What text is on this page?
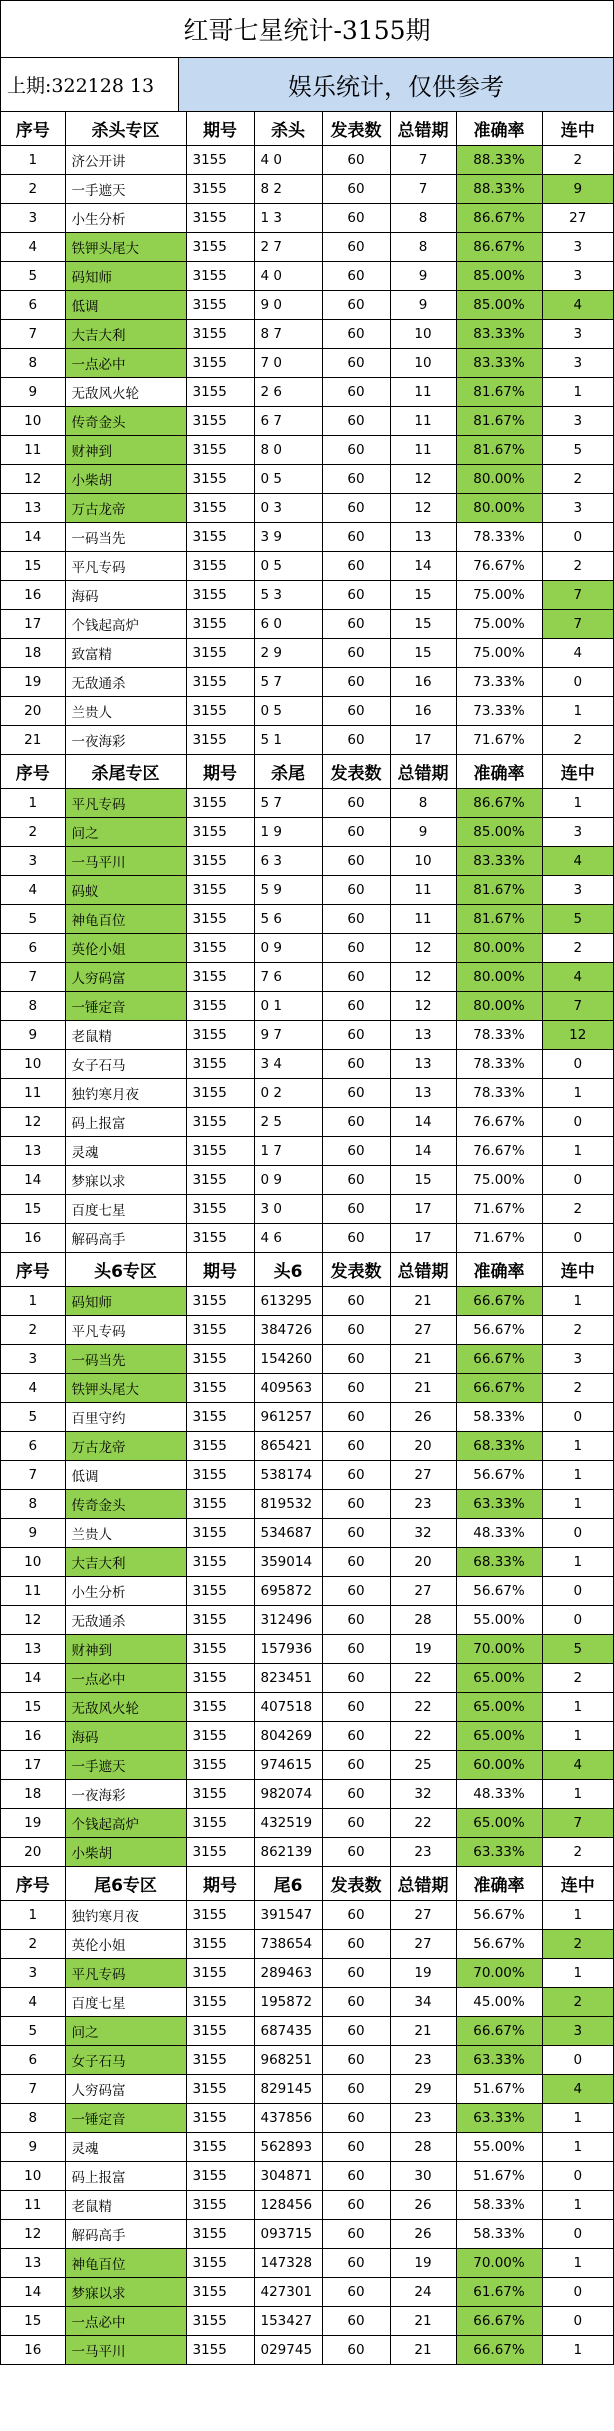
红哥七星统计-3155期
上期:322128 13	娱乐统计，仅供参考
序号	杀头专区	期号	杀头	发表数	总错期	准确率	连中
1	济公开讲	3155	4 0	60	7	88.33%	2
2	一手遮天	3155	8 2	60	7	88.33%	9
3	小生分析	3155	1 3	60	8	86.67%	27
4	铁钾头尾大	3155	2 7	60	8	86.67%	3
5	码知师	3155	4 0	60	9	85.00%	3
6	低调	3155	9 0	60	9	85.00%	4
7	大吉大利	3155	8 7	60	10	83.33%	3
8	一点必中	3155	7 0	60	10	83.33%	3
9	无敌风火轮	3155	2 6	60	11	81.67%	1
10	传奇金头	3155	6 7	60	11	81.67%	3
11	财神到	3155	8 0	60	11	81.67%	5
12	小柴胡	3155	0 5	60	12	80.00%	2
13	万古龙帝	3155	0 3	60	12	80.00%	3
14	一码当先	3155	3 9	60	13	78.33%	0
15	平凡专码	3155	0 5	60	14	76.67%	2
16	海码	3155	5 3	60	15	75.00%	7
17	个钱起高炉	3155	6 0	60	15	75.00%	7
18	致富精	3155	2 9	60	15	75.00%	4
19	无敌通杀	3155	5 7	60	16	73.33%	0
20	兰贵人	3155	0 5	60	16	73.33%	1
21	一夜海彩	3155	5 1	60	17	71.67%	2
序号	杀尾专区	期号	杀尾	发表数	总错期	准确率	连中
1	平凡专码	3155	5 7	60	8	86.67%	1
2	问之	3155	1 9	60	9	85.00%	3
3	一马平川	3155	6 3	60	10	83.33%	4
4	码蚁	3155	5 9	60	11	81.67%	3
5	神龟百位	3155	5 6	60	11	81.67%	5
6	英伦小姐	3155	0 9	60	12	80.00%	2
7	人穷码富	3155	7 6	60	12	80.00%	4
8	一锤定音	3155	0 1	60	12	80.00%	7
9	老鼠精	3155	9 7	60	13	78.33%	12
10	女子石马	3155	3 4	60	13	78.33%	0
11	独钓寒月夜	3155	0 2	60	13	78.33%	1
12	码上报富	3155	2 5	60	14	76.67%	0
13	灵魂	3155	1 7	60	14	76.67%	1
14	梦寐以求	3155	0 9	60	15	75.00%	0
15	百度七星	3155	3 0	60	17	71.67%	2
16	解码高手	3155	4 6	60	17	71.67%	0
序号	头6专区	期号	头6	发表数	总错期	准确率	连中
1	码知师	3155	613295	60	21	66.67%	1
2	平凡专码	3155	384726	60	27	56.67%	2
3	一码当先	3155	154260	60	21	66.67%	3
4	铁钾头尾大	3155	409563	60	21	66.67%	2
5	百里守约	3155	961257	60	26	58.33%	0
6	万古龙帝	3155	865421	60	20	68.33%	1
7	低调	3155	538174	60	27	56.67%	1
8	传奇金头	3155	819532	60	23	63.33%	1
9	兰贵人	3155	534687	60	32	48.33%	0
10	大吉大利	3155	359014	60	20	68.33%	1
11	小生分析	3155	695872	60	27	56.67%	0
12	无敌通杀	3155	312496	60	28	55.00%	0
13	财神到	3155	157936	60	19	70.00%	5
14	一点必中	3155	823451	60	22	65.00%	2
15	无敌风火轮	3155	407518	60	22	65.00%	1
16	海码	3155	804269	60	22	65.00%	1
17	一手遮天	3155	974615	60	25	60.00%	4
18	一夜海彩	3155	982074	60	32	48.33%	1
19	个钱起高炉	3155	432519	60	22	65.00%	7
20	小柴胡	3155	862139	60	23	63.33%	2
序号	尾6专区	期号	尾6	发表数	总错期	准确率	连中
1	独钓寒月夜	3155	391547	60	27	56.67%	1
2	英伦小姐	3155	738654	60	27	56.67%	2
3	平凡专码	3155	289463	60	19	70.00%	1
4	百度七星	3155	195872	60	34	45.00%	2
5	问之	3155	687435	60	21	66.67%	3
6	女子石马	3155	968251	60	23	63.33%	0
7	人穷码富	3155	829145	60	29	51.67%	4
8	一锤定音	3155	437856	60	23	63.33%	1
9	灵魂	3155	562893	60	28	55.00%	1
10	码上报富	3155	304871	60	30	51.67%	0
11	老鼠精	3155	128456	60	26	58.33%	1
12	解码高手	3155	093715	60	26	58.33%	0
13	神龟百位	3155	147328	60	19	70.00%	1
14	梦寐以求	3155	427301	60	24	61.67%	0
15	一点必中	3155	153427	60	21	66.67%	0
16	一马平川	3155	029745	60	21	66.67%	1
